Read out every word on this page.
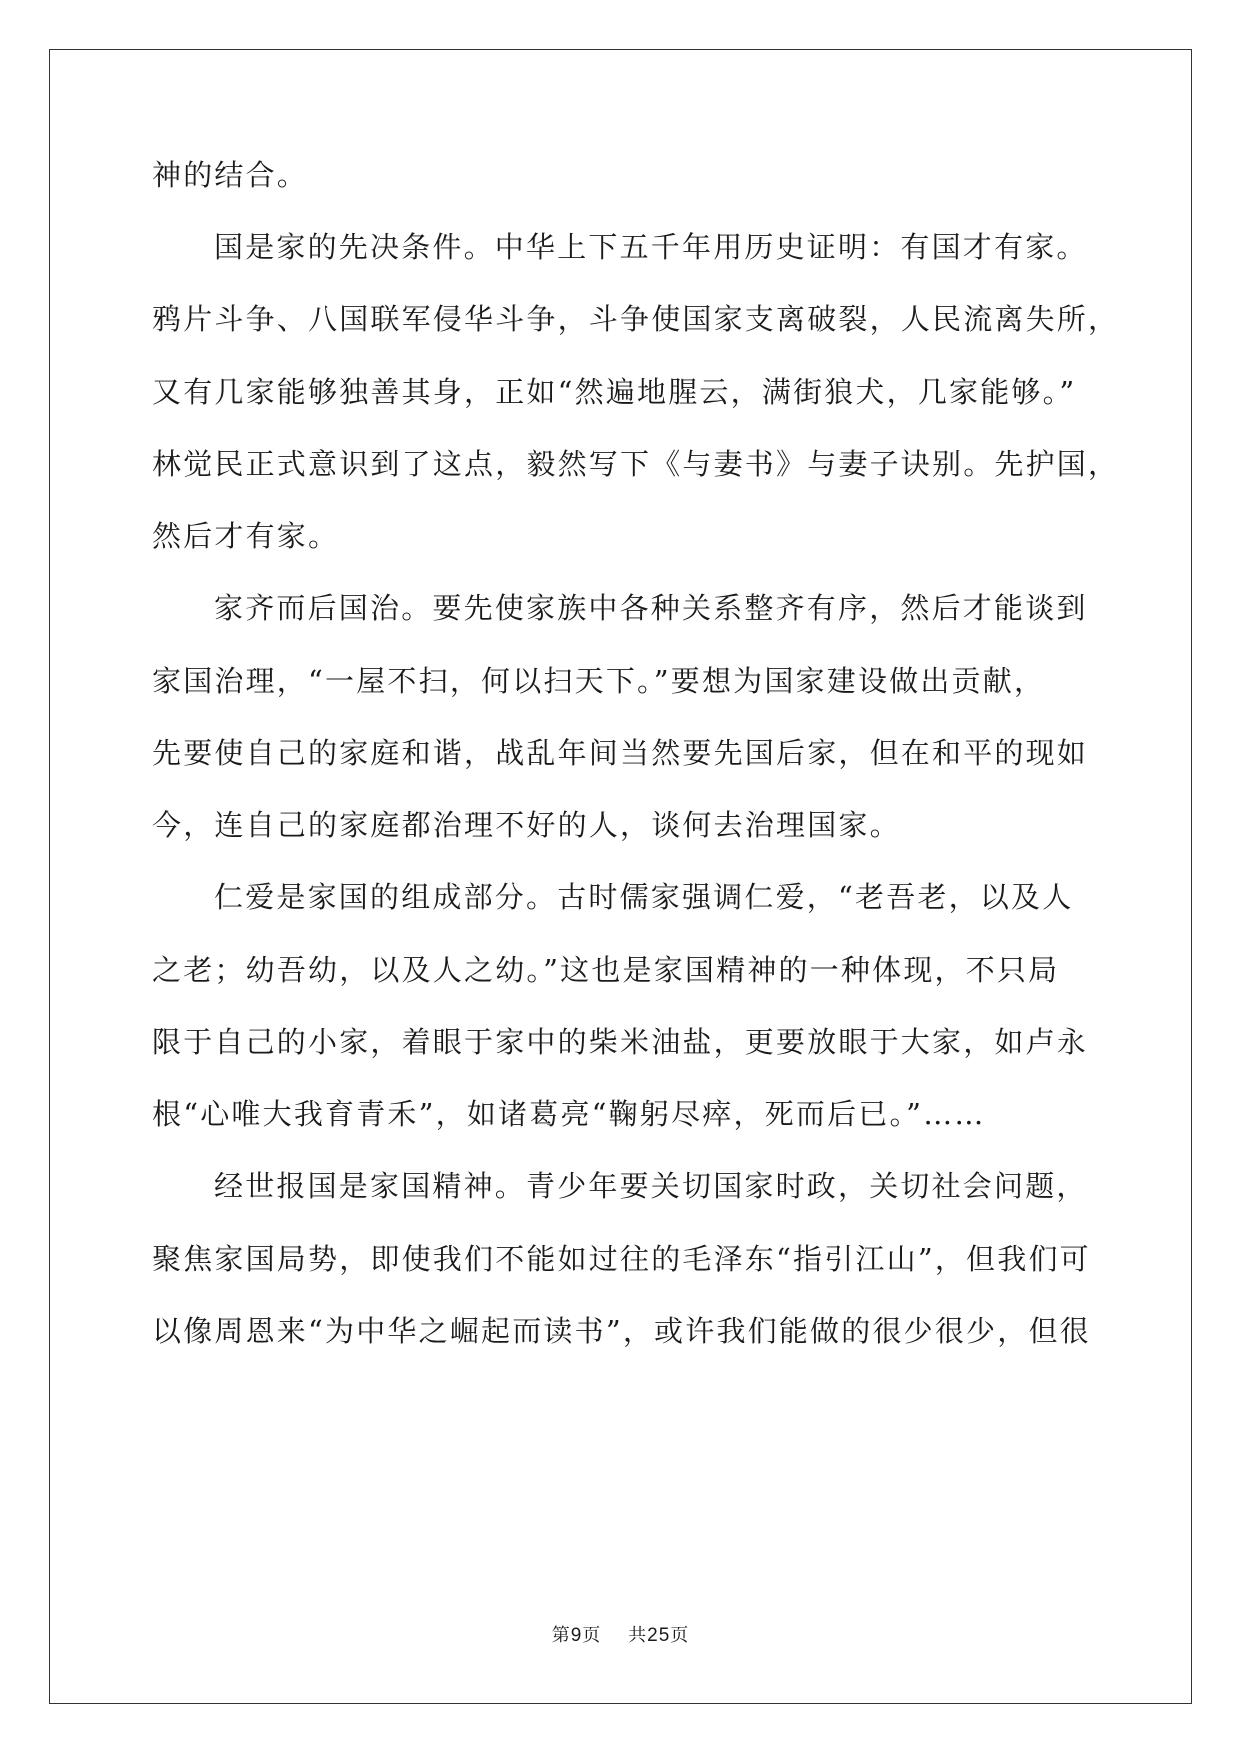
神的结合。
国是家的先决条件。中华上下五千年用历史证明：有国才有家。
鸦片斗争、八国联军侵华斗争，斗争使国家支离破裂，人民流离失所，
又有几家能够独善其身，正如“然遍地腥云，满街狼犬，几家能够。”
林觉民正式意识到了这点，毅然写下《与妻书》与妻子诀别。先护国，
然后才有家。
家齐而后国治。要先使家族中各种关系整齐有序，然后才能谈到
家国治理，“一屋不扫，何以扫天下。”要想为国家建设做出贡献，
先要使自己的家庭和谐，战乱年间当然要先国后家，但在和平的现如
今，连自己的家庭都治理不好的人，谈何去治理国家。
仁爱是家国的组成部分。古时儒家强调仁爱，“老吾老，以及人
之老；幼吾幼，以及人之幼。”这也是家国精神的一种体现，不只局
限于自己的小家，着眼于家中的柴米油盐，更要放眼于大家，如卢永
根“心唯大我育青禾”，如诸葛亮“鞠躬尽瘁，死而后已。”……
经世报国是家国精神。青少年要关切国家时政，关切社会问题，
聚焦家国局势，即使我们不能如过往的毛泽东“指引江山”，但我们可
以像周恩来“为中华之崛起而读书”，或许我们能做的很少很少，但很
第9页 共25页
